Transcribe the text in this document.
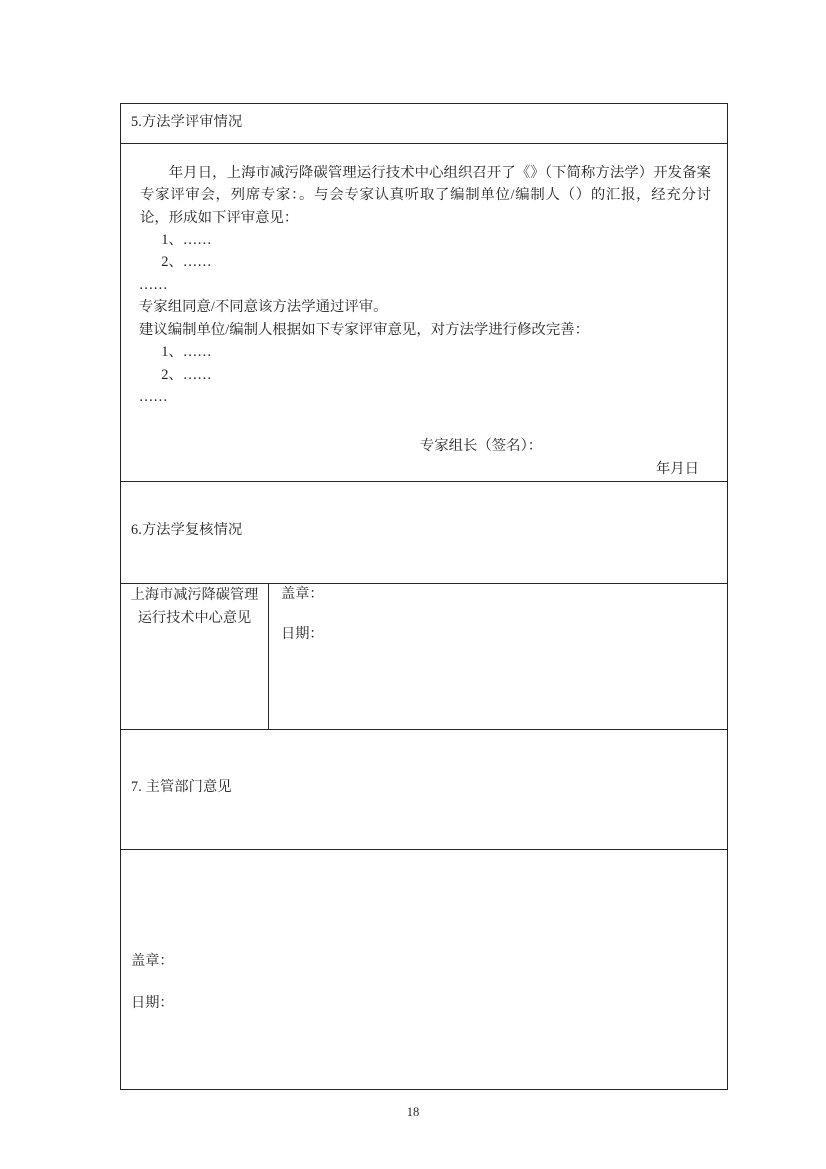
5.方法学评审情况

年月日，上海市减污降碳管理运行技术中心组织召开了《》（下简称方法学）开发备案专家评审会，列席专家：。与会专家认真听取了编制单位/编制人（）的汇报，经充分讨论，形成如下评审意见：

1、……

2、……

……

专家组同意/不同意该方法学通过评审。

建议编制单位/编制人根据如下专家评审意见，对方法学进行修改完善：

1、……

2、……

……

专家组长（签名）：
年月日

6.方法学复核情况

上海市减污降碳管理
运行技术中心意见

盖章：

日期：

7. 主管部门意见

盖章：

日期：

18
